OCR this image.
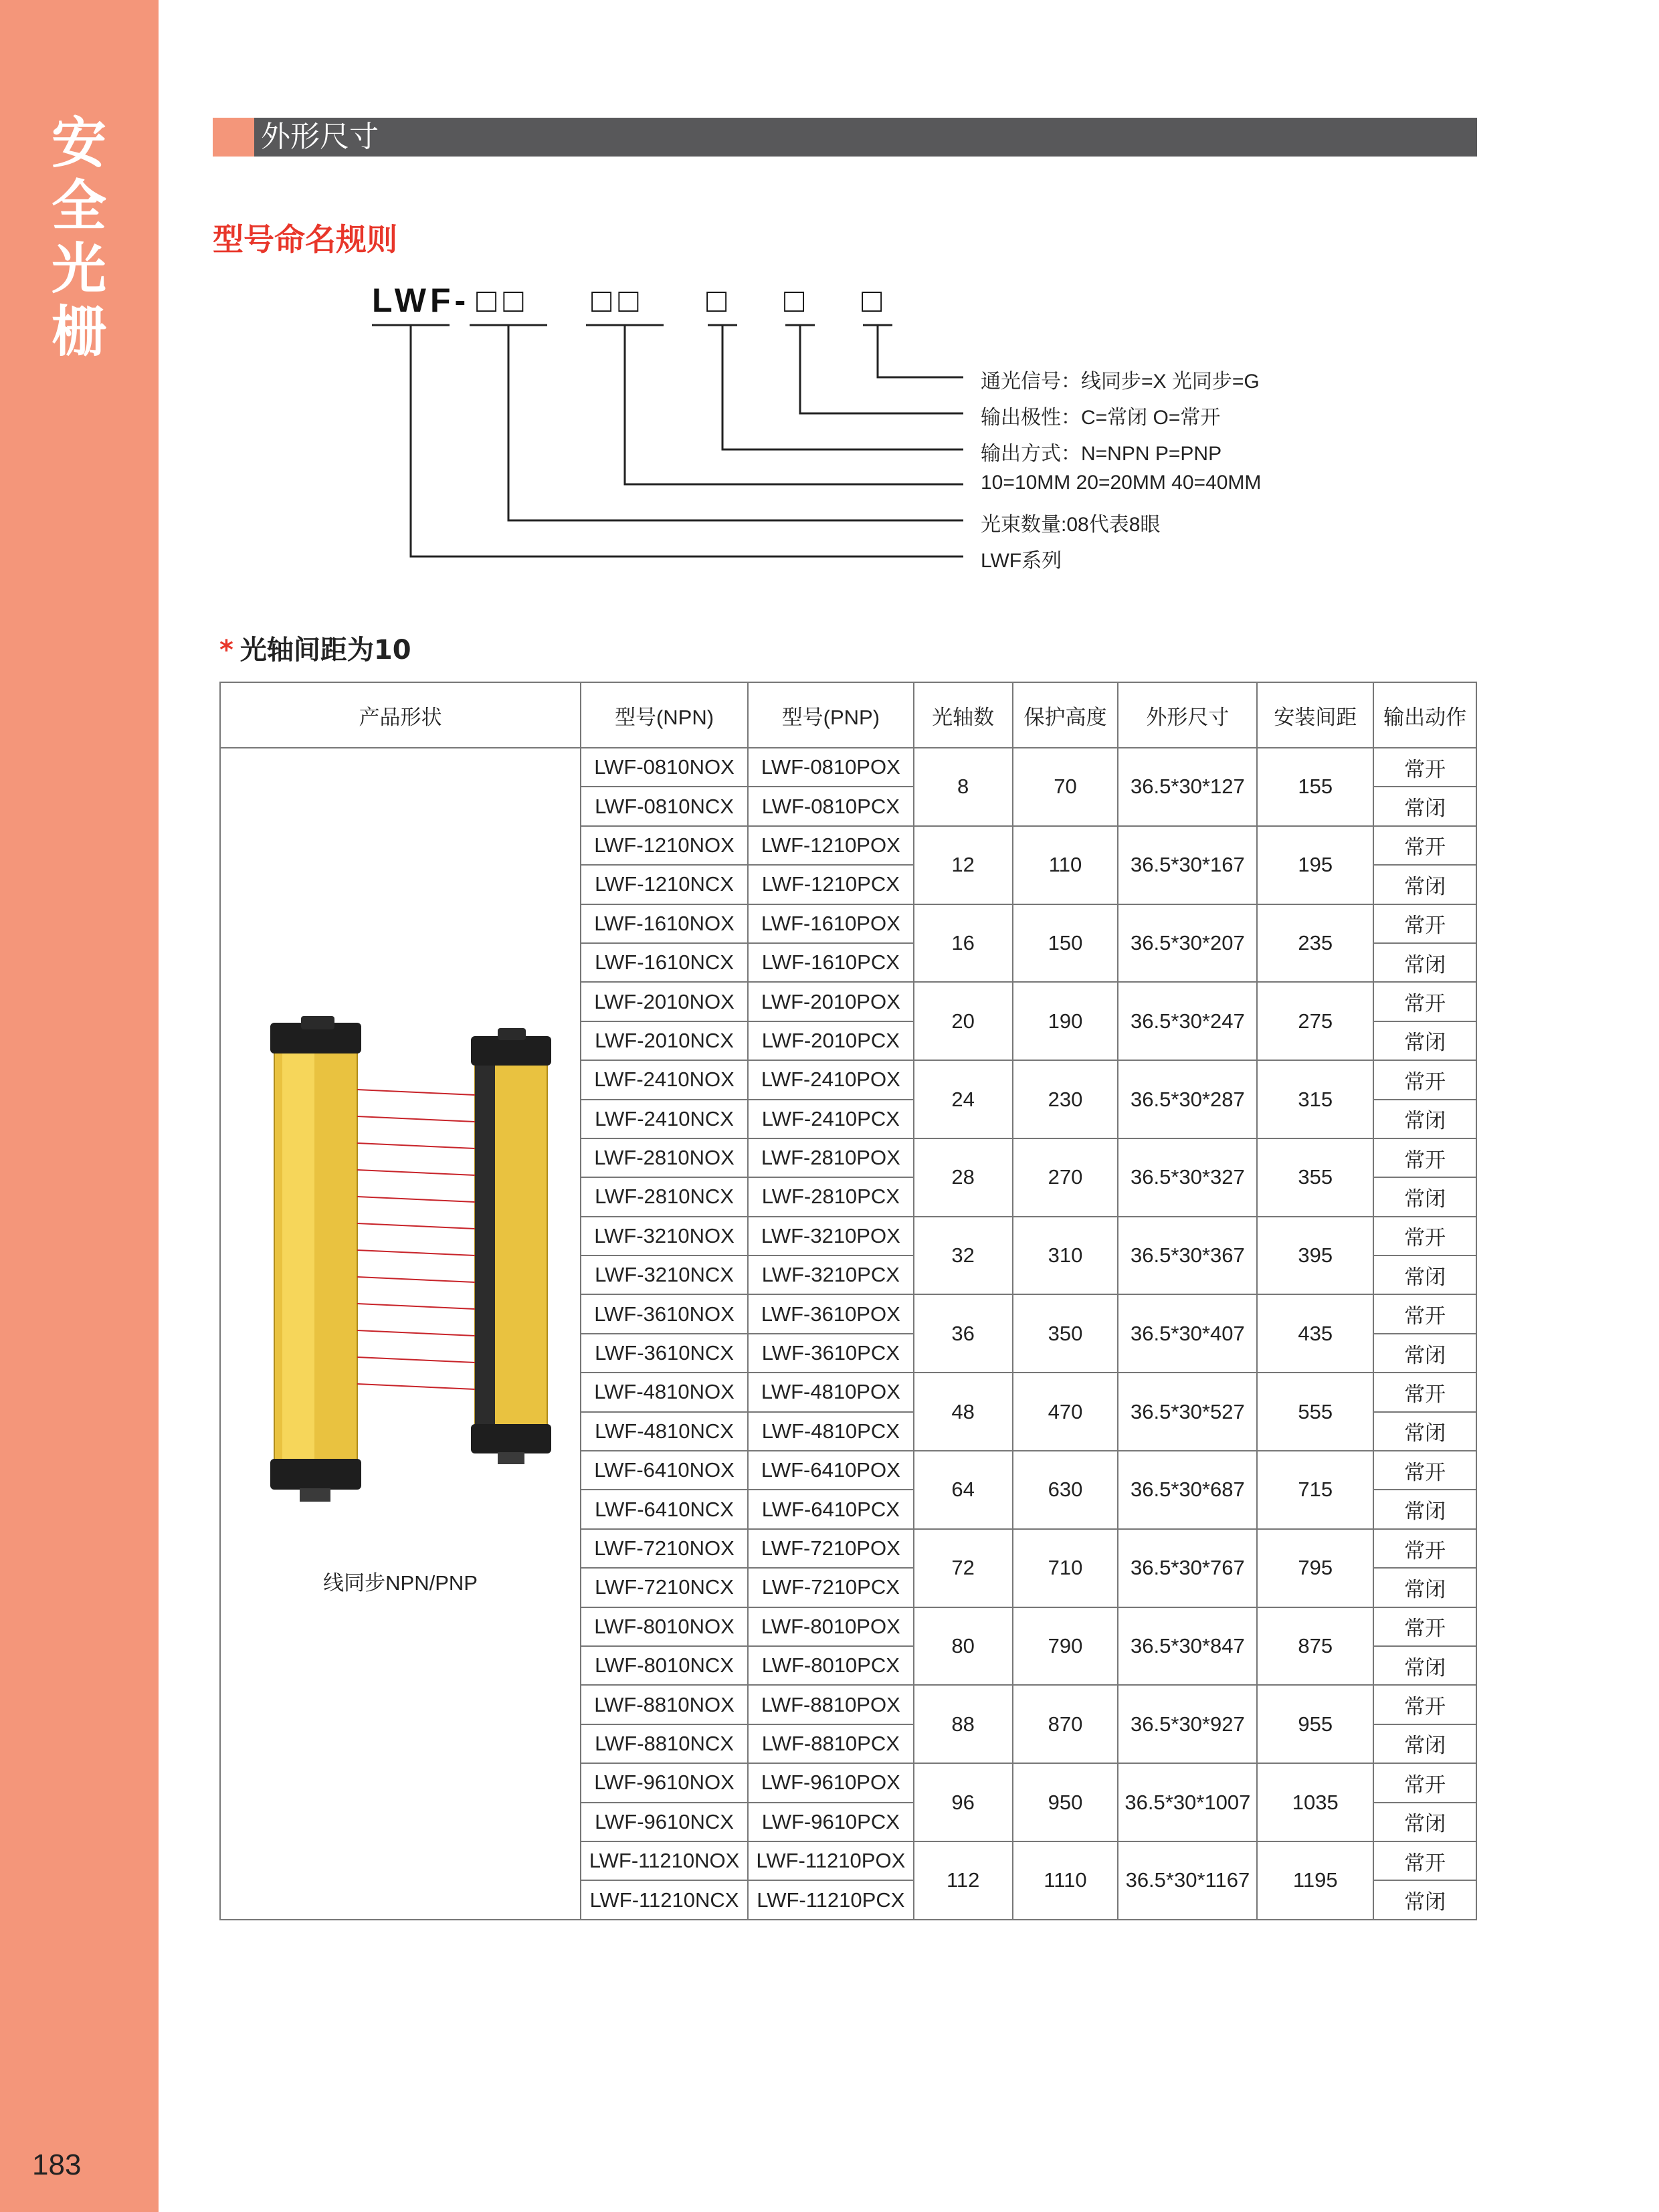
安全光栅
183
外形尺寸
型号命名规则
LWF- □□ □□ □ □ □
通光信号：线同步=X 光同步=G
输出极性：C=常闭 O=常开
输出方式：N=NPN P=PNP
10=10MM 20=20MM 40=40MM
光束数量:08代表8眼
LWF系列
* 光轴间距为10
产品形状	型号(NPN)	型号(PNP)	光轴数	保护高度	外形尺寸	安装间距	输出动作

线同步NPN/PNP	LWF-0810NOX	LWF-0810POX	8	70	36.5*30*127	155	常开
	LWF-0810NCX	LWF-0810PCX					常闭
	LWF-1210NOX	LWF-1210POX	12	110	36.5*30*167	195	常开
	LWF-1210NCX	LWF-1210PCX					常闭
	LWF-1610NOX	LWF-1610POX	16	150	36.5*30*207	235	常开
	LWF-1610NCX	LWF-1610PCX					常闭
	LWF-2010NOX	LWF-2010POX	20	190	36.5*30*247	275	常开
	LWF-2010NCX	LWF-2010PCX					常闭
	LWF-2410NOX	LWF-2410POX	24	230	36.5*30*287	315	常开
	LWF-2410NCX	LWF-2410PCX					常闭
	LWF-2810NOX	LWF-2810POX	28	270	36.5*30*327	355	常开
	LWF-2810NCX	LWF-2810PCX					常闭
	LWF-3210NOX	LWF-3210POX	32	310	36.5*30*367	395	常开
	LWF-3210NCX	LWF-3210PCX					常闭
	LWF-3610NOX	LWF-3610POX	36	350	36.5*30*407	435	常开
	LWF-3610NCX	LWF-3610PCX					常闭
	LWF-4810NOX	LWF-4810POX	48	470	36.5*30*527	555	常开
	LWF-4810NCX	LWF-4810PCX					常闭
	LWF-6410NOX	LWF-6410POX	64	630	36.5*30*687	715	常开
	LWF-6410NCX	LWF-6410PCX					常闭
	LWF-7210NOX	LWF-7210POX	72	710	36.5*30*767	795	常开
	LWF-7210NCX	LWF-7210PCX					常闭
	LWF-8010NOX	LWF-8010POX	80	790	36.5*30*847	875	常开
	LWF-8010NCX	LWF-8010PCX					常闭
	LWF-8810NOX	LWF-8810POX	88	870	36.5*30*927	955	常开
	LWF-8810NCX	LWF-8810PCX					常闭
	LWF-9610NOX	LWF-9610POX	96	950	36.5*30*1007	1035	常开
	LWF-9610NCX	LWF-9610PCX					常闭
	LWF-11210NOX	LWF-11210POX	112	1110	36.5*30*1167	1195	常开
	LWF-11210NCX	LWF-11210PCX					常闭
